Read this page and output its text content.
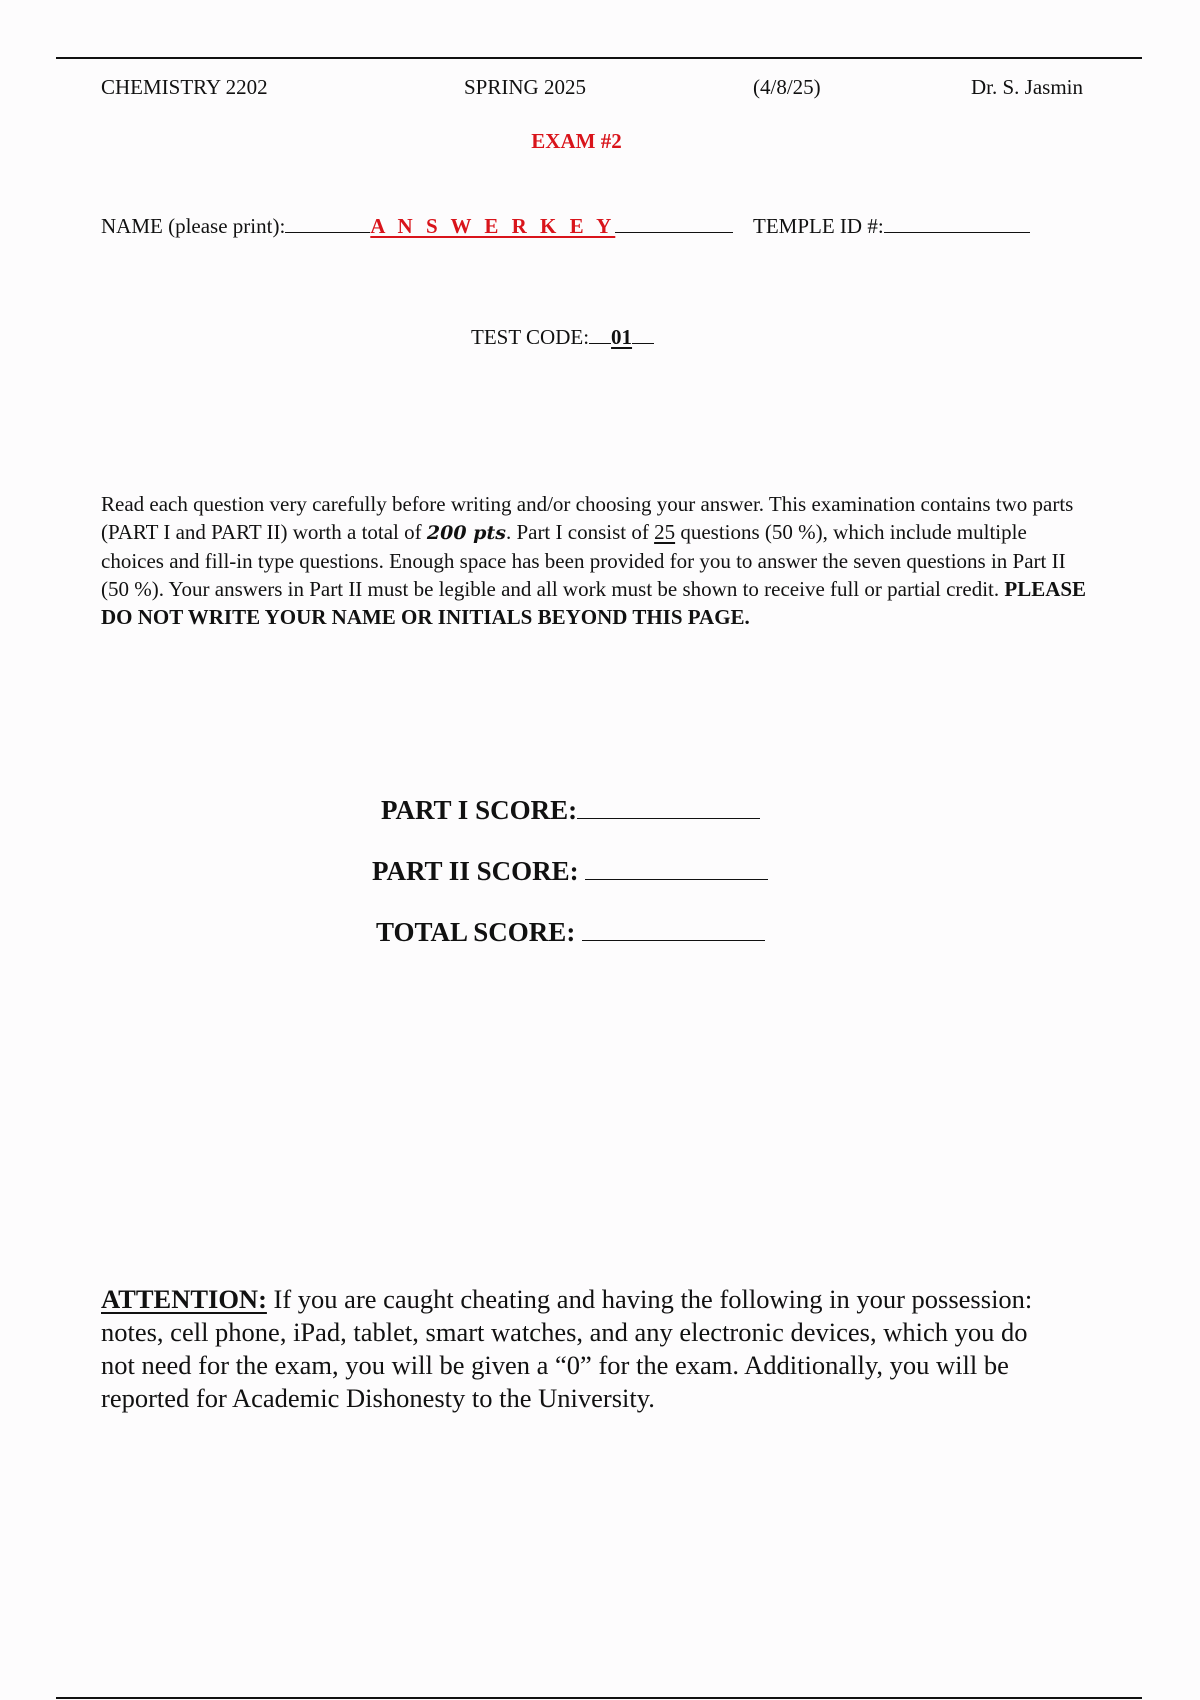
CHEMISTRY 2202	SPRING 2025	(4/8/25)	Dr. S. Jasmin
EXAM #2
NAME (please print):	A N S W E R K E Y	TEMPLE ID #:
TEST CODE: 01
Read each question very carefully before writing and/or choosing your answer. This examination contains two parts (PART I and PART II) worth a total of 200 pts. Part I consist of 25 questions (50 %), which include multiple choices and fill-in type questions. Enough space has been provided for you to answer the seven questions in Part II (50 %). Your answers in Part II must be legible and all work must be shown to receive full or partial credit. PLEASE DO NOT WRITE YOUR NAME OR INITIALS BEYOND THIS PAGE.
PART I SCORE:
PART II SCORE:
TOTAL SCORE:
ATTENTION: If you are caught cheating and having the following in your possession: notes, cell phone, iPad, tablet, smart watches, and any electronic devices, which you do not need for the exam, you will be given a “0” for the exam. Additionally, you will be reported for Academic Dishonesty to the University.
